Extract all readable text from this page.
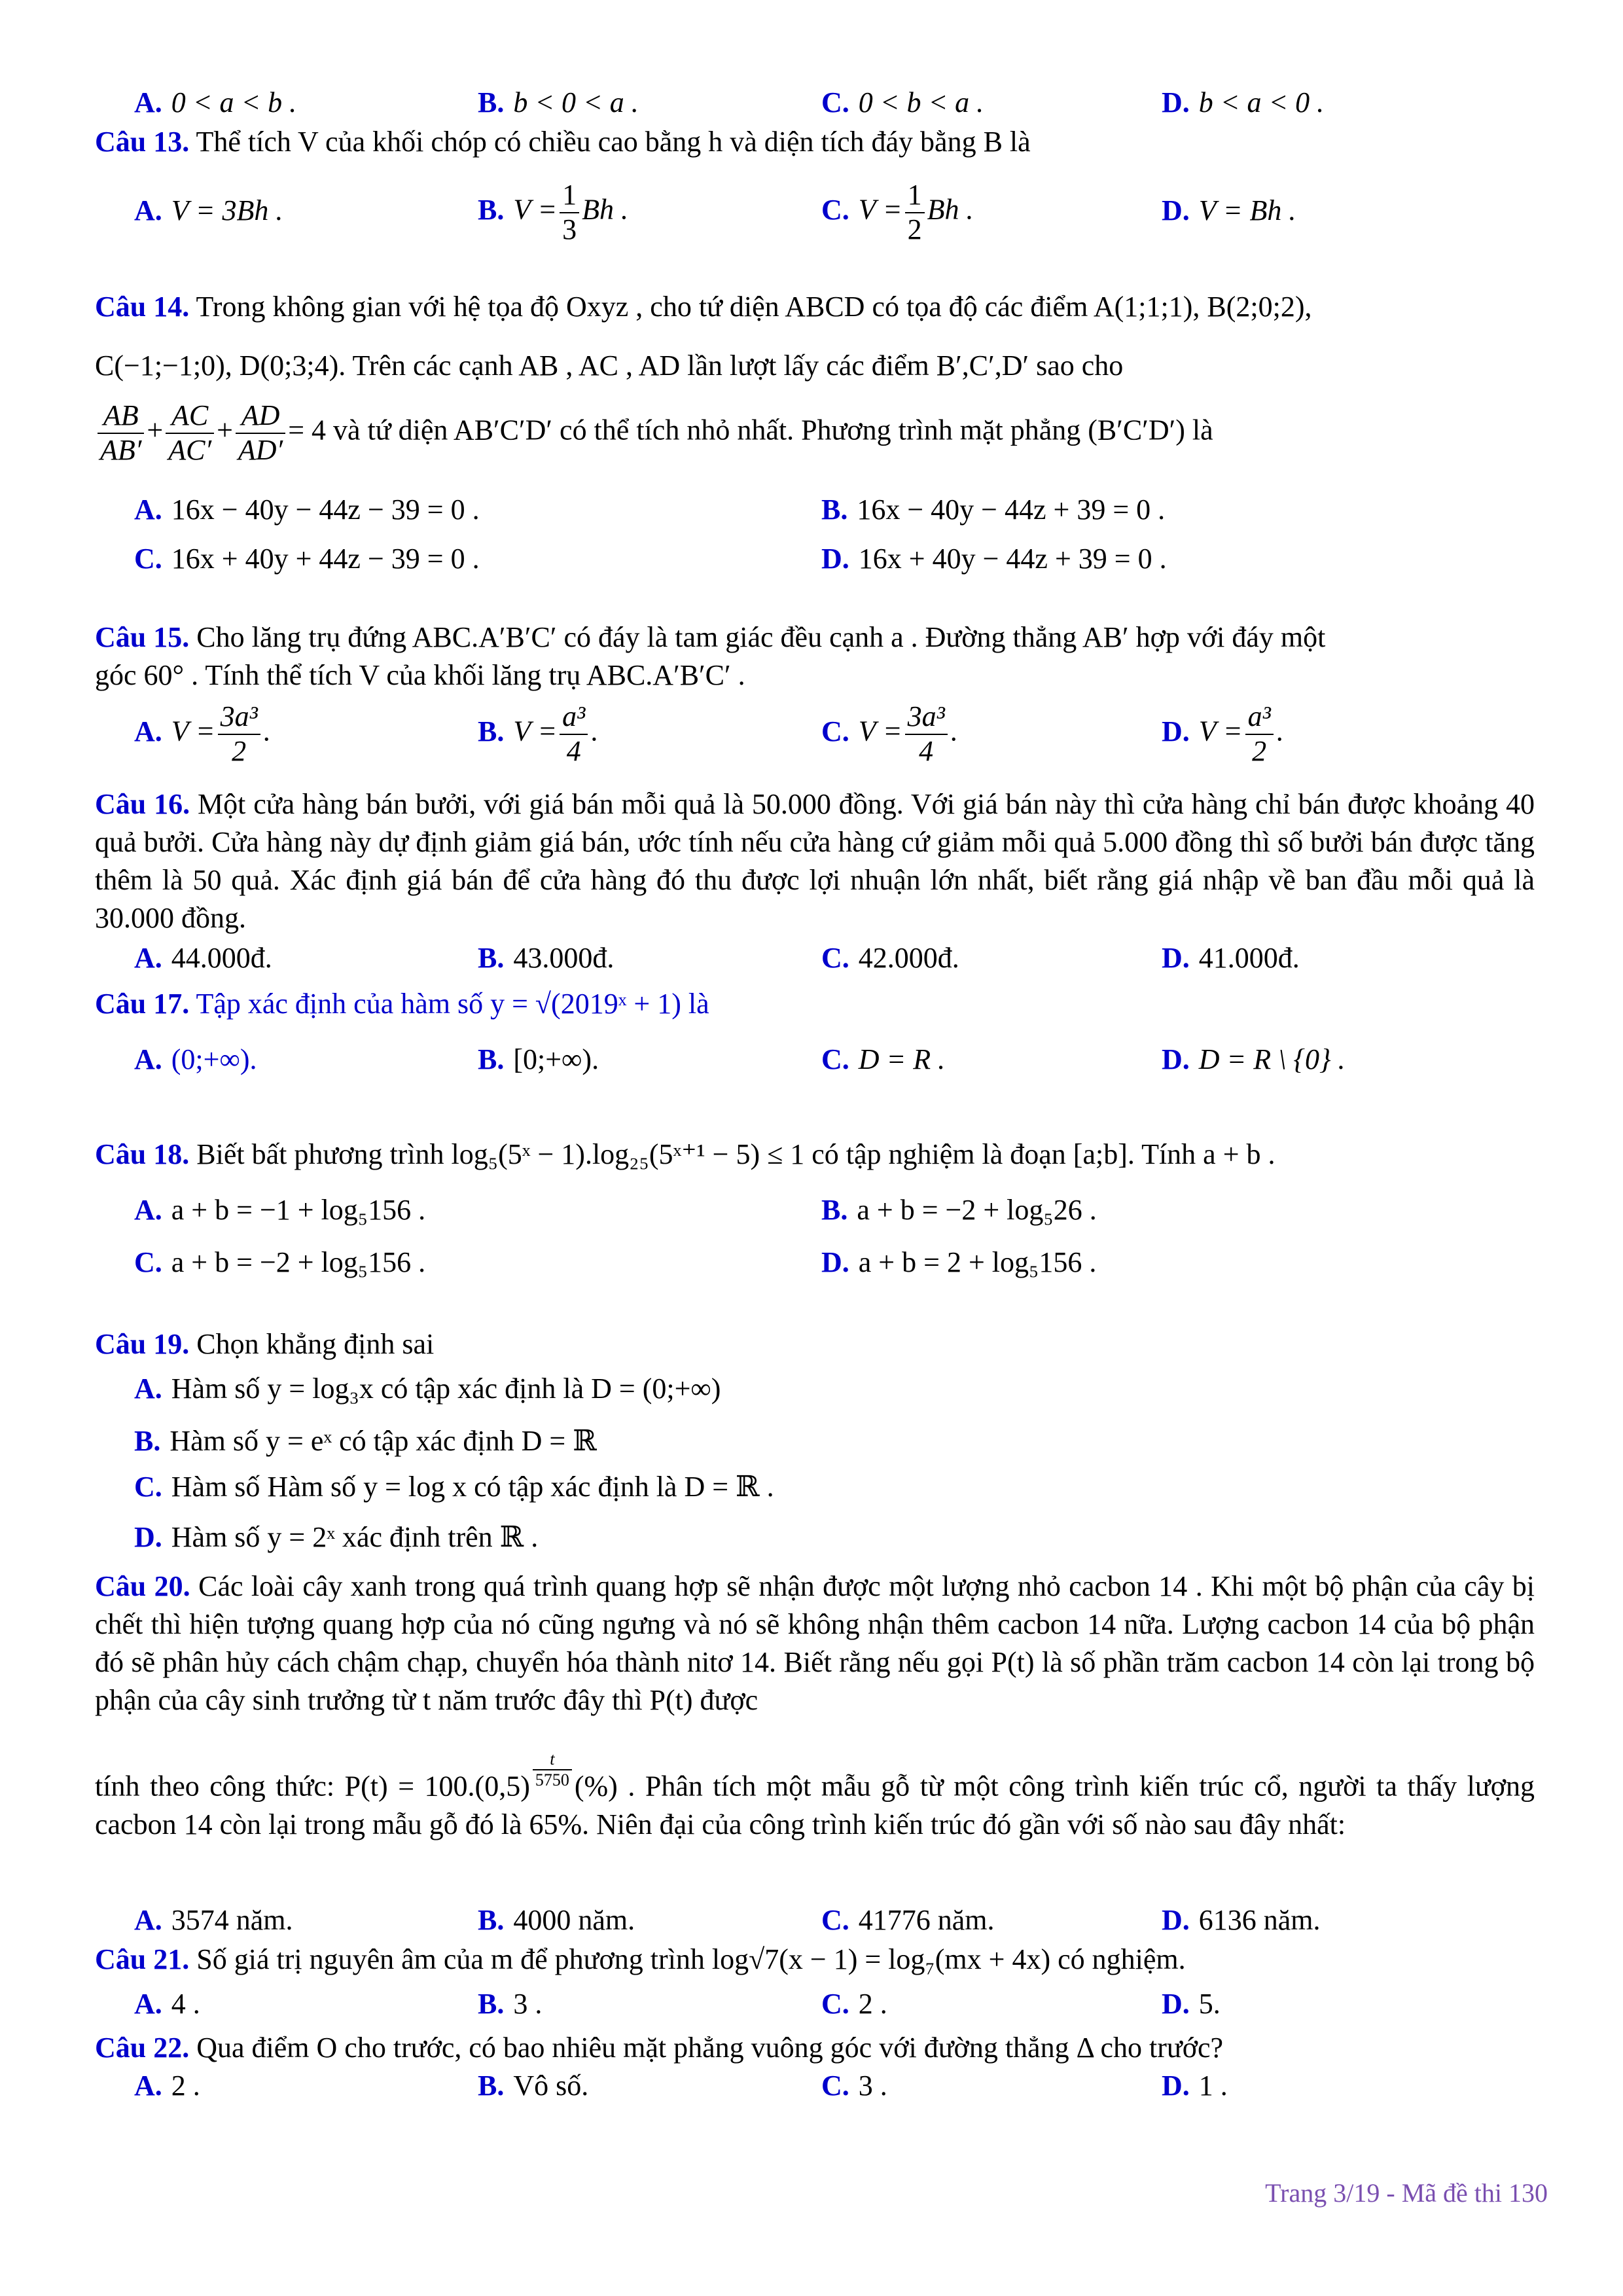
A. 0 < a < b .	B. b < 0 < a .	C. 0 < b < a .	D. b < a < 0 .
Câu 13. Thể tích V của khối chóp có chiều cao bằng h và diện tích đáy bằng B là
A. V = 3Bh .	B. $V = \frac{1}{3}$ Bh .	C. $V = \frac{1}{2}$ Bh .	D. V = Bh .
Câu 14. Trong không gian với hệ tọa độ Oxyz , cho tứ diện ABCD có tọa độ các điểm A(1;1;1), B(2;0;2),
C(−1;−1;0), D(0;3;4). Trên các cạnh AB , AC , AD lần lượt lấy các điểm B′,C′,D′ sao cho
$\frac{AB}{AB'} + \frac{AC}{AC'} + \frac{AD}{AD'} = 4$ và tứ diện AB′C′D′ có thể tích nhỏ nhất. Phương trình mặt phẳng (B′C′D′) là
A. 16x − 40y − 44z − 39 = 0 .	B. 16x − 40y − 44z + 39 = 0 .
C. 16x + 40y + 44z − 39 = 0 .	D. 16x + 40y − 44z + 39 = 0 .
Câu 15. Cho lăng trụ đứng ABC.A′B′C′ có đáy là tam giác đều cạnh a . Đường thẳng AB′ hợp với đáy một
góc 60° . Tính thể tích V của khối lăng trụ ABC.A′B′C′ .
A. $V = \frac{\text{3a³}}{2}$ .	B. $V = \frac{\text{a³}}{4}$ .	C. $V = \frac{\text{3a³}}{4}$ .	D. $V = \frac{\text{a³}}{2}$ .
Câu 16. Một cửa hàng bán bưởi, với giá bán mỗi quả là 50.000 đồng. Với giá bán này thì cửa hàng chỉ bán được khoảng 40 quả bưởi. Cửa hàng này dự định giảm giá bán, ước tính nếu cửa hàng cứ giảm mỗi quả 5.000 đồng thì số bưởi bán được tăng thêm là 50 quả. Xác định giá bán để cửa hàng đó thu được lợi nhuận lớn nhất, biết rằng giá nhập về ban đầu mỗi quả là 30.000 đồng.
A. 44.000đ.	B. 43.000đ.	C. 42.000đ.	D. 41.000đ.
Câu 17. Tập xác định của hàm số y = √(2019ˣ + 1) là
A. (0;+∞).	B. [0;+∞).	C. D = R .	D. D = R \ {0} .
Câu 18. Biết bất phương trình log₅(5ˣ − 1).log₂₅(5ˣ⁺¹ − 5) ≤ 1 có tập nghiệm là đoạn [a;b]. Tính a + b .
A. a + b = −1 + log₅156 .	B. a + b = −2 + log₅26 .
C. a + b = −2 + log₅156 .	D. a + b = 2 + log₅156 .
Câu 19. Chọn khẳng định sai
A. Hàm số y = log₃x có tập xác định là D = (0;+∞)
B. Hàm số y = eˣ có tập xác định D = ℝ
C. Hàm số Hàm số y = log x có tập xác định là D = ℝ .
D. Hàm số y = 2ˣ xác định trên ℝ .
Câu 20. Các loài cây xanh trong quá trình quang hợp sẽ nhận được một lượng nhỏ cacbon 14 . Khi một bộ phận của cây bị chết thì hiện tượng quang hợp của nó cũng ngưng và nó sẽ không nhận thêm cacbon 14 nữa. Lượng cacbon 14 của bộ phận đó sẽ phân hủy cách chậm chạp, chuyển hóa thành nitơ 14. Biết rằng nếu gọi P(t) là số phần trăm cacbon 14 còn lại trong bộ phận của cây sinh trưởng từ t năm trước đây thì P(t) được
tính theo công thức: $P(t) = 100.(0,5) \frac{t}{5750}$ (%) . Phân tích một mẫu gỗ từ một công trình kiến trúc cổ, người ta thấy lượng cacbon 14 còn lại trong mẫu gỗ đó là 65%. Niên đại của công trình kiến trúc đó gần với số nào sau đây nhất:
A. 3574 năm.	B. 4000 năm.	C. 41776 năm.	D. 6136 năm.
Câu 21. Số giá trị nguyên âm của m để phương trình log√7(x − 1) = log₇(mx + 4x) có nghiệm.
A. 4 .	B. 3 .	C. 2 .	D. 5.
Câu 22. Qua điểm O cho trước, có bao nhiêu mặt phẳng vuông góc với đường thẳng Δ cho trước?
A. 2 .	B. Vô số.	C. 3 .	D. 1 .
Trang 3/19 - Mã đề thi 130
